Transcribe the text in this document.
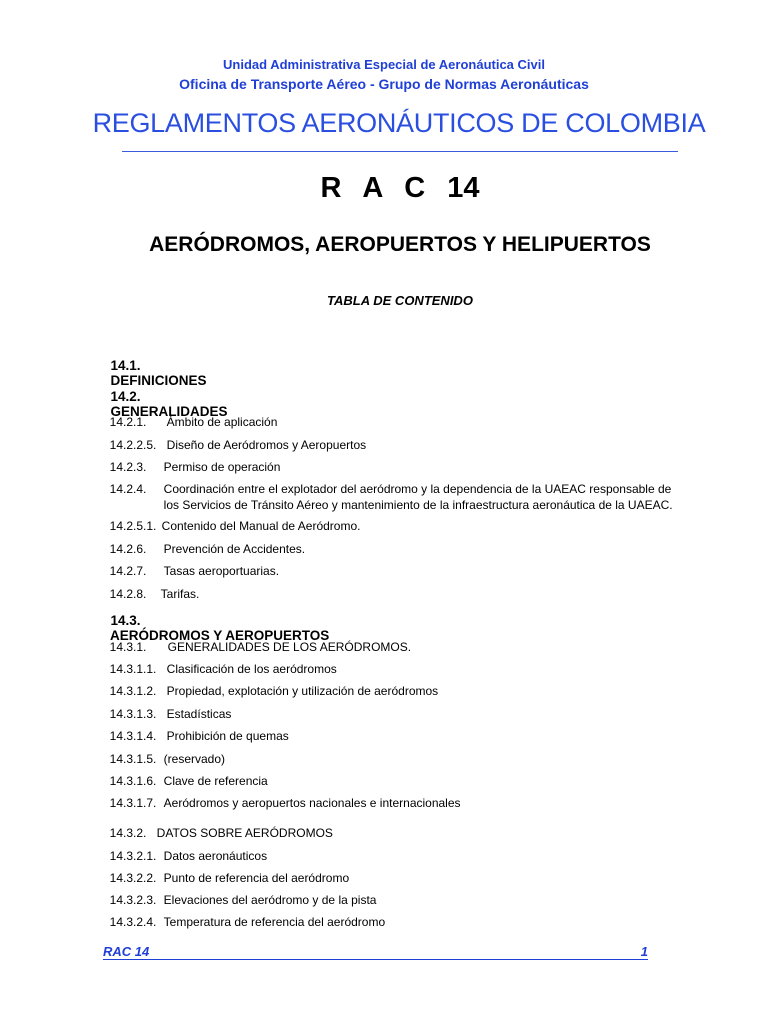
Unidad Administrativa Especial de Aeronáutica Civil
Oficina de Transporte Aéreo - Grupo de Normas Aeronáuticas
REGLAMENTOS AERONÁUTICOS DE COLOMBIA
R A C 14
AERÓDROMOS, AEROPUERTOS Y HELIPUERTOS
TABLA DE CONTENIDO

14.1.
DEFINICIONES

14.2.
GENERALIDADES

14.3.
AERÓDROMOS Y AEROPUERTOS

14.2.1. Ámbito de aplicación

14.2.2.5. Diseño de Aeródromos y Aeropuertos

14.2.3. Permiso de operación

14.2.4. Coordinación entre el explotador del aeródromo y la dependencia de la UAEAC responsable de

los Servicios de Tránsito Aéreo y mantenimiento de la infraestructura aeronáutica de la UAEAC.

14.2.5.1. Contenido del Manual de Aeródromo.

14.2.6. Prevención de Accidentes.

14.2.7. Tasas aeroportuarias.

14.2.8. Tarifas.

14.3.1. GENERALIDADES DE LOS AERÓDROMOS.

14.3.1.1. Clasificación de los aeródromos

14.3.1.2. Propiedad, explotación y utilización de aeródromos

14.3.1.3. Estadísticas

14.3.1.4. Prohibición de quemas

14.3.1.5. (reservado)

14.3.1.6. Clave de referencia

14.3.1.7. Aeródromos y aeropuertos nacionales e internacionales

14.3.2. DATOS SOBRE AERÓDROMOS

14.3.2.1. Datos aeronáuticos

14.3.2.2. Punto de referencia del aeródromo

14.3.2.3. Elevaciones del aeródromo y de la pista

14.3.2.4. Temperatura de referencia del aeródromo

RAC 14	1
